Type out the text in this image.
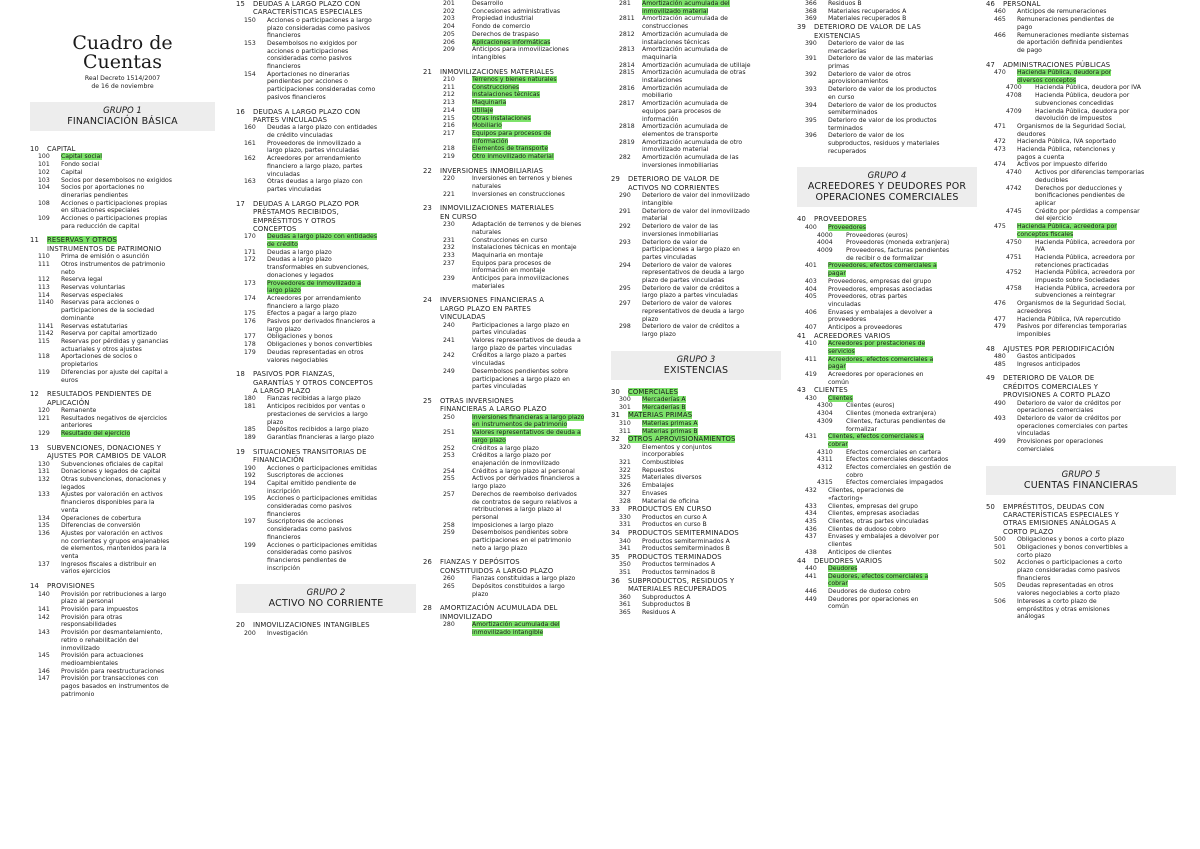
Cuadro de
Cuentas
Real Decreto 1514/2007
de 16 de noviembre
GRUPO 1
FINANCIACIÓN BÁSICA
10 CAPITAL
100 Capital social
101 Fondo social
102 Capital
103 Socios por desembolsos no exigidos
104 Socios por aportaciones no
dinerarias pendientes
108 Acciones o participaciones propias
en situaciones especiales
109 Acciones o participaciones propias
para reducción de capital
11 RESERVAS Y OTROS
INSTRUMENTOS DE PATRIMONIO
110 Prima de emisión o asunción
111 Otros instrumentos de patrimonio
neto
112 Reserva legal
113 Reservas voluntarias
114 Reservas especiales
1140 Reservas para acciones o
participaciones de la sociedad
dominante
1141 Reservas estatutarias
1142 Reserva por capital amortizado
115 Reservas por pérdidas y ganancias
actuariales y otros ajustes
118 Aportaciones de socios o
propietarios
119 Diferencias por ajuste del capital a
euros
12 RESULTADOS PENDIENTES DE
APLICACIÓN
120 Remanente
121 Resultados negativos de ejercicios
anteriores
129 Resultado del ejercicio
13 SUBVENCIONES, DONACIONES Y
AJUSTES POR CAMBIOS DE VALOR
130 Subvenciones oficiales de capital
131 Donaciones y legados de capital
132 Otras subvenciones, donaciones y
legados
133 Ajustes por valoración en activos
financieros disponibles para la
venta
134 Operaciones de cobertura
135 Diferencias de conversión
136 Ajustes por valoración en activos
no corrientes y grupos enajenables
de elementos, mantenidos para la
venta
137 Ingresos fiscales a distribuir en
varios ejercicios
14 PROVISIONES
140 Provisión por retribuciones a largo
plazo al personal
141 Provisión para impuestos
142 Provisión para otras
responsabilidades
143 Provisión por desmantelamiento,
retiro o rehabilitación del
inmovilizado
145 Provisión para actuaciones
medioambientales
146 Provisión para reestructuraciones
147 Provisión por transacciones con
pagos basados en instrumentos de
patrimonio
15 DEUDAS A LARGO PLAZO CON
CARACTERÍSTICAS ESPECIALES
150 Acciones o participaciones a largo
plazo consideradas como pasivos
financieros
153 Desembolsos no exigidos por
acciones o participaciones
consideradas como pasivos
financieros
154 Aportaciones no dinerarias
pendientes por acciones o
participaciones consideradas como
pasivos financieros
16 DEUDAS A LARGO PLAZO CON
PARTES VINCULADAS
160 Deudas a largo plazo con entidades
de crédito vinculadas
161 Proveedores de inmovilizado a
largo plazo, partes vinculadas
162 Acreedores por arrendamiento
financiero a largo plazo, partes
vinculadas
163 Otras deudas a largo plazo con
partes vinculadas
17 DEUDAS A LARGO PLAZO POR
PRÉSTAMOS RECIBIDOS,
EMPRÉSTITOS Y OTROS
CONCEPTOS
170 Deudas a largo plazo con entidades
de crédito
171 Deudas a largo plazo
172 Deudas a largo plazo
transformables en subvenciones,
donaciones y legados
173 Proveedores de inmovilizado a
largo plazo
174 Acreedores por arrendamiento
financiero a largo plazo
175 Efectos a pagar a largo plazo
176 Pasivos por derivados financieros a
largo plazo
177 Obligaciones y bonos
178 Obligaciones y bonos convertibles
179 Deudas representadas en otros
valores negociables
18 PASIVOS POR FIANZAS,
GARANTÍAS Y OTROS CONCEPTOS
A LARGO PLAZO
180 Fianzas recibidas a largo plazo
181 Anticipos recibidos por ventas o
prestaciones de servicios a largo
plazo
185 Depósitos recibidos a largo plazo
189 Garantías financieras a largo plazo
19 SITUACIONES TRANSITORIAS DE
FINANCIACIÓN
190 Acciones o participaciones emitidas
192 Suscriptores de acciones
194 Capital emitido pendiente de
inscripción
195 Acciones o participaciones emitidas
consideradas como pasivos
financieros
197 Suscriptores de acciones
consideradas como pasivos
financieros
199 Acciones o participaciones emitidas
consideradas como pasivos
financieros pendientes de
inscripción
GRUPO 2
ACTIVO NO CORRIENTE
20 INMOVILIZACIONES INTANGIBLES
200 Investigación
201	Desarrollo
202	Concesiones administrativas
203	Propiedad industrial
204	Fondo de comercio
205	Derechos de traspaso
206	Aplicaciones informáticas
209	Anticipos para inmovilizaciones
intangibles
21 INMOVILIZACIONES MATERIALES
210	Terrenos y bienes naturales
211	Construcciones
212	Instalaciones técnicas
213	Maquinaria
214	Utillaje
215	Otras instalaciones
216	Mobiliario
217	Equipos para procesos de
información
218	Elementos de transporte
219	Otro inmovilizado material
22 INVERSIONES INMOBILIARIAS
220	Inversiones en terrenos y bienes
naturales
221	Inversiones en construcciones
23 INMOVILIZACIONES MATERIALES
EN CURSO
230	Adaptación de terrenos y de bienes
naturales
231	Construcciones en curso
232	Instalaciones técnicas en montaje
233	Maquinaria en montaje
237	Equipos para procesos de
información en montaje
239	Anticipos para inmovilizaciones
materiales
24 INVERSIONES FINANCIERAS A
LARGO PLAZO EN PARTES
VINCULADAS
240	Participaciones a largo plazo en
partes vinculadas
241	Valores representativos de deuda a
largo plazo de partes vinculadas
242	Créditos a largo plazo a partes
vinculadas
249	Desembolsos pendientes sobre
participaciones a largo plazo en
partes vinculadas
25 OTRAS INVERSIONES
FINANCIERAS A LARGO PLAZO
250	Inversiones financieras a largo plazo
en instrumentos de patrimonio
251	Valores representativos de deuda a
largo plazo
252	Créditos a largo plazo
253	Créditos a largo plazo por
enajenación de inmovilizado
254	Créditos a largo plazo al personal
255	Activos por derivados financieros a
largo plazo
257	Derechos de reembolso derivados
de contratos de seguro relativos a
retribuciones a largo plazo al
personal
258	Imposiciones a largo plazo
259	Desembolsos pendientes sobre
participaciones en el patrimonio
neto a largo plazo
26 FIANZAS Y DEPÓSITOS
CONSTITUIDOS A LARGO PLAZO
260	Fianzas constituidas a largo plazo
265	Depósitos constituidos a largo
plazo
28 AMORTIZACIÓN ACUMULADA DEL
INMOVILIZADO
280	Amortización acumulada del
inmovilizado intangible
281 Amortización acumulada del
inmovilizado material
2811 Amortización acumulada de
construcciones
2812 Amortización acumulada de
instalaciones técnicas
2813 Amortización acumulada de
maquinaria
2814 Amortización acumulada de utillaje
2815 Amortización acumulada de otras
instalaciones
2816 Amortización acumulada de
mobiliario
2817 Amortización acumulada de
equipos para procesos de
información
2818 Amortización acumulada de
elementos de transporte
2819 Amortización acumulada de otro
inmovilizado material
282 Amortización acumulada de las
inversiones inmobiliarias
29 DETERIORO DE VALOR DE
ACTIVOS NO CORRIENTES
290 Deterioro de valor del inmovilizado
intangible
291 Deterioro de valor del inmovilizado
material
292 Deterioro de valor de las
inversiones inmobiliarias
293 Deterioro de valor de
participaciones a largo plazo en
partes vinculadas
294 Deterioro de valor de valores
representativos de deuda a largo
plazo de partes vinculadas
295 Deterioro de valor de créditos a
largo plazo a partes vinculadas
297 Deterioro de valor de valores
representativos de deuda a largo
plazo
298 Deterioro de valor de créditos a
largo plazo
GRUPO 3
EXISTENCIAS
30 COMERCIALES
300 Mercaderías A
301 Mercaderías B
31 MATERIAS PRIMAS
310 Materias primas A
311 Materias primas B
32 OTROS APROVISIONAMIENTOS
320 Elementos y conjuntos
incorporables
321 Combustibles
322 Repuestos
325 Materiales diversos
326 Embalajes
327 Envases
328 Material de oficina
33 PRODUCTOS EN CURSO
330 Productos en curso A
331 Productos en curso B
34 PRODUCTOS SEMITERMINADOS
340 Productos semiterminados A
341 Productos semiterminados B
35 PRODUCTOS TERMINADOS
350 Productos terminados A
351 Productos terminados B
36 SUBPRODUCTOS, RESIDUOS Y
MATERIALES RECUPERADOS
360 Subproductos A
361 Subproductos B
365 Residuos A
366 Residuos B
368 Materiales recuperados A
369 Materiales recuperados B
39 DETERIORO DE VALOR DE LAS
EXISTENCIAS
390 Deterioro de valor de las
mercaderías
391 Deterioro de valor de las materias
primas
392 Deterioro de valor de otros
aprovisionamientos
393 Deterioro de valor de los productos
en curso
394 Deterioro de valor de los productos
semiterminados
395 Deterioro de valor de los productos
terminados
396 Deterioro de valor de los
subproductos, residuos y materiales
recuperados
GRUPO 4
ACREEDORES Y DEUDORES POR
OPERACIONES COMERCIALES
40 PROVEEDORES
400 Proveedores
4000 Proveedores (euros)
4004 Proveedores (moneda extranjera)
4009 Proveedores, facturas pendientes
de recibir o de formalizar
401 Proveedores, efectos comerciales a
pagar
403 Proveedores, empresas del grupo
404 Proveedores, empresas asociadas
405 Proveedores, otras partes
vinculadas
406 Envases y embalajes a devolver a
proveedores
407 Anticipos a proveedores
41 ACREEDORES VARIOS
410 Acreedores por prestaciones de
servicios
411 Acreedores, efectos comerciales a
pagar
419 Acreedores por operaciones en
común
43 CLIENTES
430 Clientes
4300 Clientes (euros)
4304 Clientes (moneda extranjera)
4309 Clientes, facturas pendientes de
formalizar
431 Clientes, efectos comerciales a
cobrar
4310 Efectos comerciales en cartera
4311 Efectos comerciales descontados
4312 Efectos comerciales en gestión de
cobro
4315 Efectos comerciales impagados
432 Clientes, operaciones de
«factoring»
433 Clientes, empresas del grupo
434 Clientes, empresas asociadas
435 Clientes, otras partes vinculadas
436 Clientes de dudoso cobro
437 Envases y embalajes a devolver por
clientes
438 Anticipos de clientes
44 DEUDORES VARIOS
440 Deudores
441 Deudores, efectos comerciales a
cobrar
446 Deudores de dudoso cobro
449 Deudores por operaciones en
común
46 PERSONAL
460 Anticipos de remuneraciones
465 Remuneraciones pendientes de
pago
466 Remuneraciones mediante sistemas
de aportación definida pendientes
de pago
47 ADMINISTRACIONES PÚBLICAS
470 Hacienda Pública, deudora por
diversos conceptos
4700 Hacienda Pública, deudora por IVA
4708 Hacienda Pública, deudora por
subvenciones concedidas
4709 Hacienda Pública, deudora por
devolución de impuestos
471 Organismos de la Seguridad Social,
deudores
472 Hacienda Pública, IVA soportado
473 Hacienda Pública, retenciones y
pagos a cuenta
474 Activos por impuesto diferido
4740 Activos por diferencias temporarias
deducibles
4742 Derechos por deducciones y
bonificaciones pendientes de
aplicar
4745 Crédito por pérdidas a compensar
del ejercicio
475 Hacienda Pública, acreedora por
conceptos fiscales
4750 Hacienda Pública, acreedora por
IVA
4751 Hacienda Pública, acreedora por
retenciones practicadas
4752 Hacienda Pública, acreedora por
impuesto sobre Sociedades
4758 Hacienda Pública, acreedora por
subvenciones a reintegrar
476 Organismos de la Seguridad Social,
acreedores
477 Hacienda Pública, IVA repercutido
479 Pasivos por diferencias temporarias
imponibles
48 AJUSTES POR PERIODIFICACIÓN
480 Gastos anticipados
485 Ingresos anticipados
49 DETERIORO DE VALOR DE
CRÉDITOS COMERCIALES Y
PROVISIONES A CORTO PLAZO
490 Deterioro de valor de créditos por
operaciones comerciales
493 Deterioro de valor de créditos por
operaciones comerciales con partes
vinculadas
499 Provisiones por operaciones
comerciales
GRUPO 5
CUENTAS FINANCIERAS
50 EMPRÉSTITOS, DEUDAS CON
CARACTERÍSTICAS ESPECIALES Y
OTRAS EMISIONES ANÁLOGAS A
CORTO PLAZO
500 Obligaciones y bonos a corto plazo
501 Obligaciones y bonos convertibles a
corto plazo
502 Acciones o participaciones a corto
plazo consideradas como pasivos
financieros
505 Deudas representadas en otros
valores negociables a corto plazo
506 Intereses a corto plazo de
empréstitos y otras emisiones
análogas
